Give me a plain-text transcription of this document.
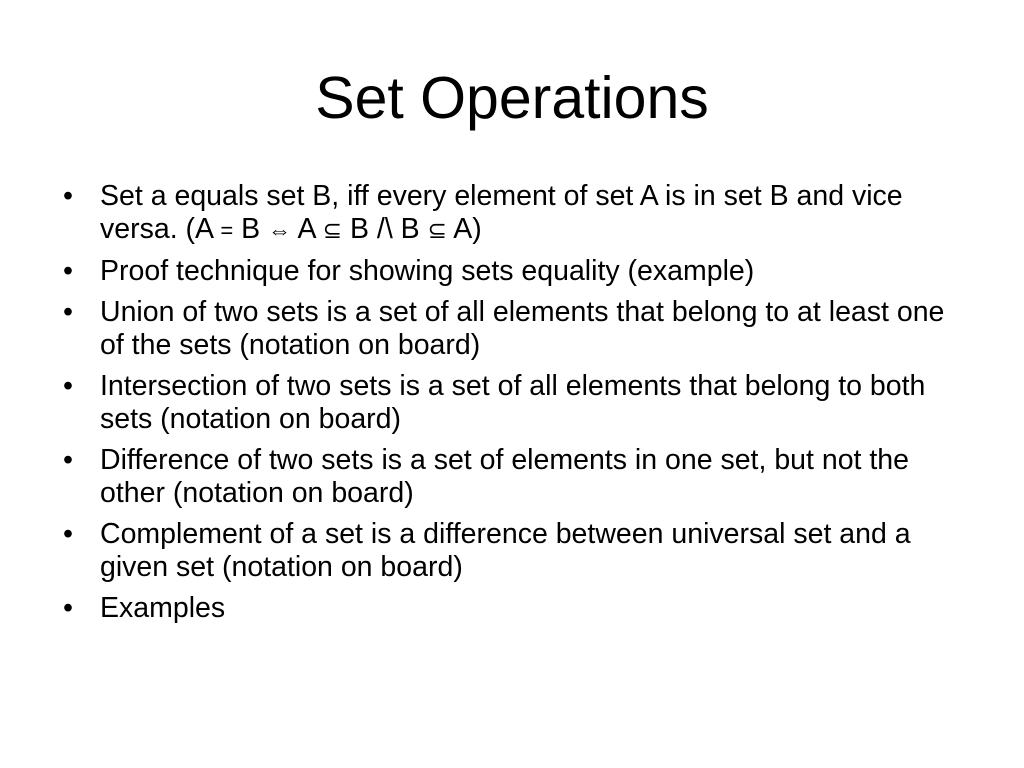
Set Operations
• Set a equals set B, iff every element of set A is in set B and vice versa. (A = B ⇔ A ⊆ B /\ B ⊆ A)
• Proof technique for showing sets equality (example)
• Union of two sets is a set of all elements that belong to at least one of the sets (notation on board)
• Intersection of two sets is a set of all elements that belong to both sets (notation on board)
• Difference of two sets is a set of elements in one set, but not the other (notation on board)
• Complement of a set is a difference between universal set and a given set (notation on board)
• Examples
